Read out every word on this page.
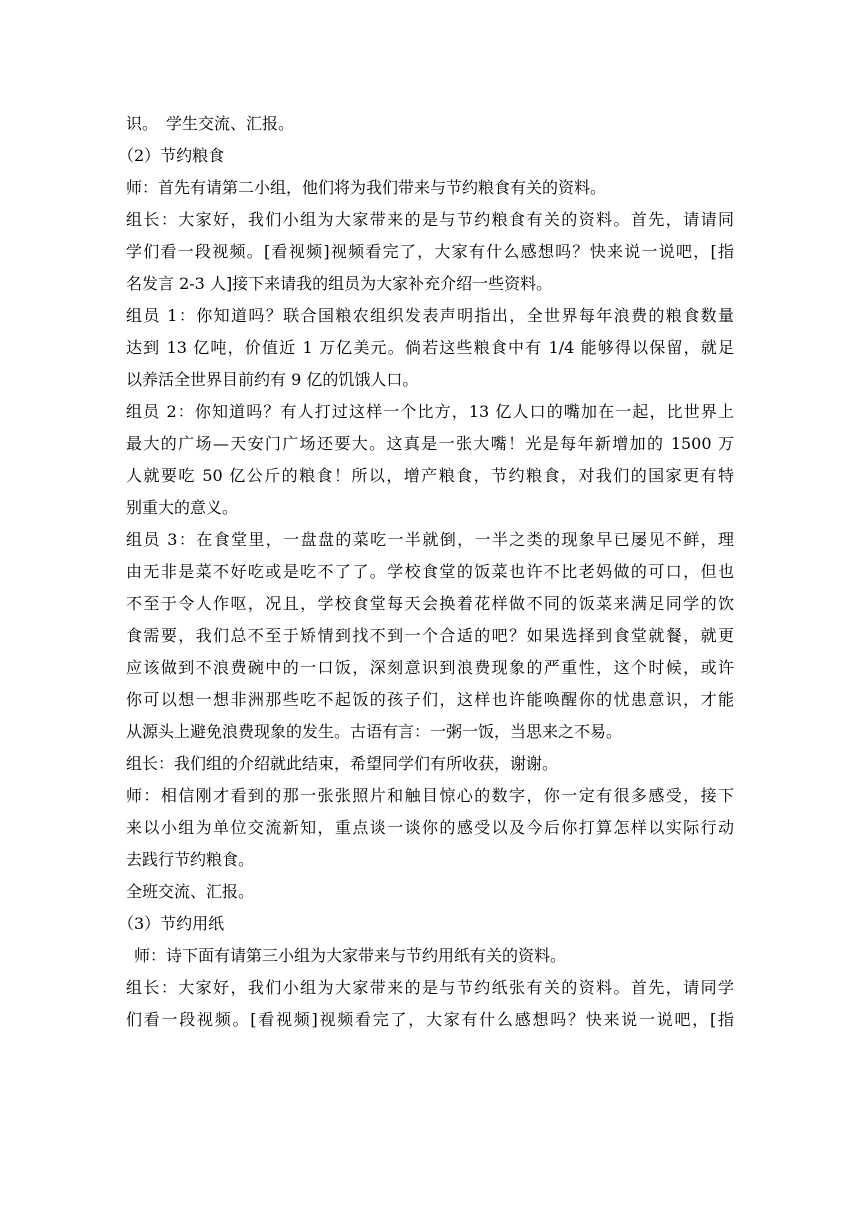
识。　学生交流、汇报。
（2）节约粮食
师：首先有请第二小组，他们将为我们带来与节约粮食有关的资料。
组长：大家好，我们小组为大家带来的是与节约粮食有关的资料。首先，请请同
学们看一段视频。[看视频]视频看完了，大家有什么感想吗？快来说一说吧，[指
名发言 2-3 人]接下来请我的组员为大家补充介绍一些资料。
组员 1：你知道吗？联合国粮农组织发表声明指出，全世界每年浪费的粮食数量
达到 13 亿吨，价值近 1 万亿美元。倘若这些粮食中有 1/4 能够得以保留，就足
以养活全世界目前约有 9 亿的饥饿人口。
组员 2：你知道吗？有人打过这样一个比方，13 亿人口的嘴加在一起，比世界上
最大的广场—天安门广场还要大。这真是一张大嘴！光是每年新增加的 1500 万
人就要吃 50 亿公斤的粮食！所以，增产粮食，节约粮食，对我们的国家更有特
别重大的意义。
组员 3：在食堂里，一盘盘的菜吃一半就倒，一半之类的现象早已屡见不鲜，理
由无非是菜不好吃或是吃不了了。学校食堂的饭菜也许不比老妈做的可口，但也
不至于令人作呕，况且，学校食堂每天会换着花样做不同的饭菜来满足同学的饮
食需要，我们总不至于矫情到找不到一个合适的吧？如果选择到食堂就餐，就更
应该做到不浪费碗中的一口饭，深刻意识到浪费现象的严重性，这个时候，或许
你可以想一想非洲那些吃不起饭的孩子们，这样也许能唤醒你的忧患意识，才能
从源头上避免浪费现象的发生。古语有言：一粥一饭，当思来之不易。
组长：我们组的介绍就此结束，希望同学们有所收获，谢谢。
师：相信刚才看到的那一张张照片和触目惊心的数字，你一定有很多感受，接下
来以小组为单位交流新知，重点谈一谈你的感受以及今后你打算怎样以实际行动
去践行节约粮食。
全班交流、汇报。
（3）节约用纸
师：诗下面有请第三小组为大家带来与节约用纸有关的资料。
组长：大家好，我们小组为大家带来的是与节约纸张有关的资料。首先，请同学
们看一段视频。[看视频]视频看完了，大家有什么感想吗？快来说一说吧，[指
